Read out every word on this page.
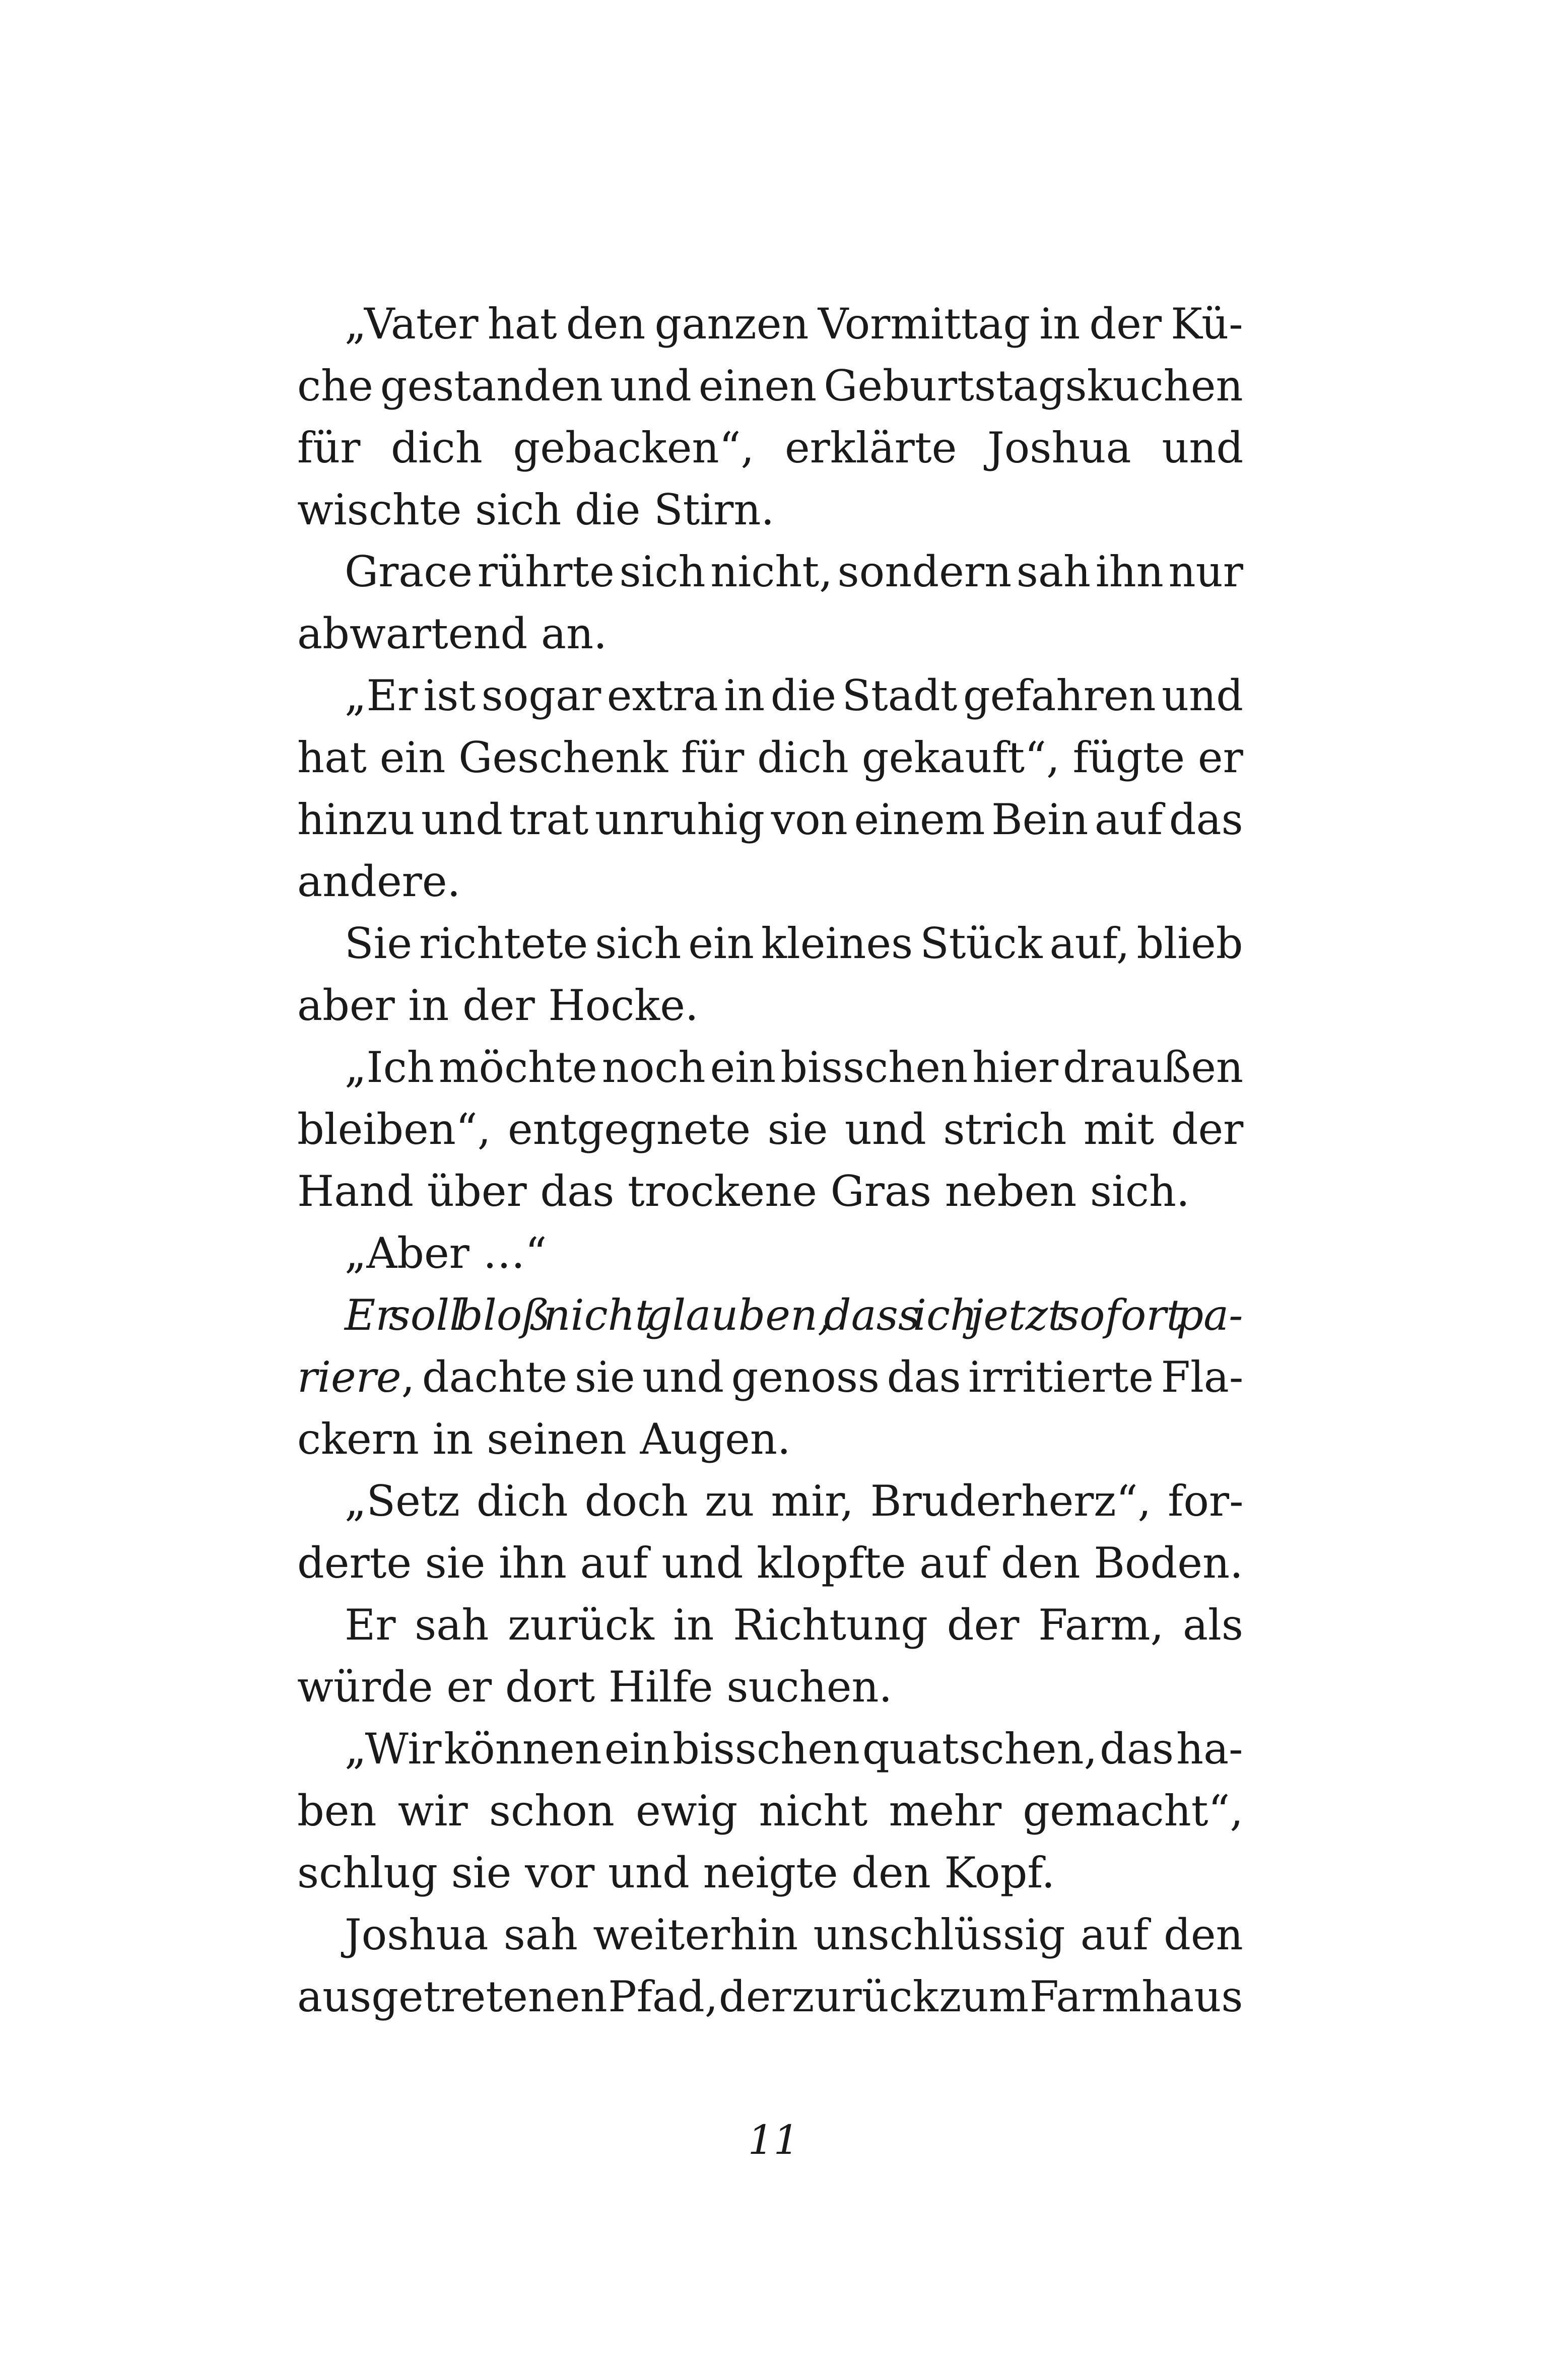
„Vater hat den ganzen Vormittag in der Kü-
che gestanden und einen Geburtstagskuchen
für dich gebacken“, erklärte Joshua und
wischte sich die Stirn.
Grace rührte sich nicht, sondern sah ihn nur
abwartend an.
„Er ist sogar extra in die Stadt gefahren und
hat ein Geschenk für dich gekauft“, fügte er
hinzu und trat unruhig von einem Bein auf das
andere.
Sie richtete sich ein kleines Stück auf, blieb
aber in der Hocke.
„Ich möchte noch ein bisschen hier draußen
bleiben“, entgegnete sie und strich mit der
Hand über das trockene Gras neben sich.
„Aber …“
Er soll bloß nicht glauben, dass ich jetzt sofort pa-
riere, dachte sie und genoss das irritierte Fla-
ckern in seinen Augen.
„Setz dich doch zu mir, Bruderherz“, for-
derte sie ihn auf und klopfte auf den Boden.
Er sah zurück in Richtung der Farm, als
würde er dort Hilfe suchen.
„Wir können ein bisschen quatschen, das ha-
ben wir schon ewig nicht mehr gemacht“,
schlug sie vor und neigte den Kopf.
Joshua sah weiterhin unschlüssig auf den
ausgetretenen Pfad, der zurück zum Farmhaus
11
